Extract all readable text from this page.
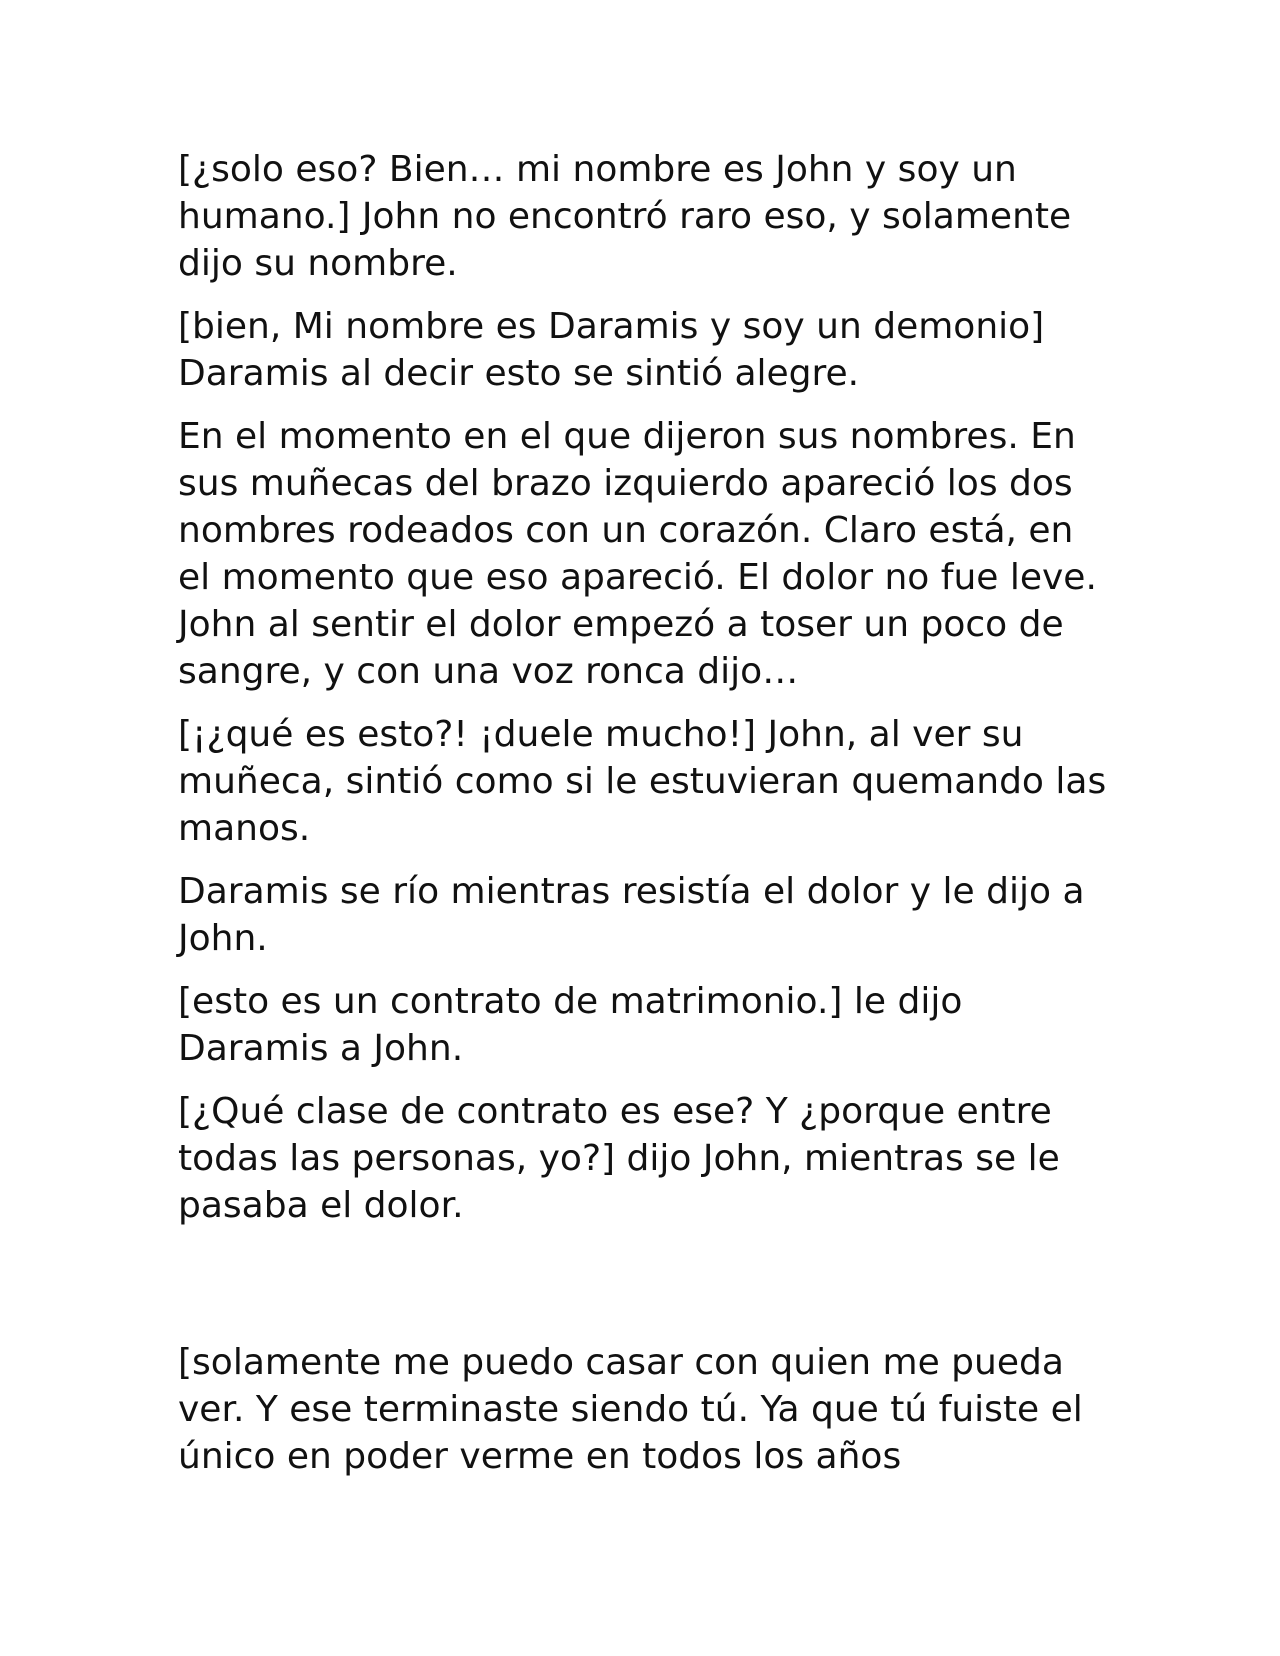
[¿solo eso? Bien… mi nombre es John y soy un humano.] John no encontró raro eso, y solamente dijo su nombre.

[bien, Mi nombre es Daramis y soy un demonio] Daramis al decir esto se sintió alegre.

En el momento en el que dijeron sus nombres. En sus muñecas del brazo izquierdo apareció los dos nombres rodeados con un corazón. Claro está, en el momento que eso apareció. El dolor no fue leve. John al sentir el dolor empezó a toser un poco de sangre, y con una voz ronca dijo…

[¡¿qué es esto?! ¡duele mucho!] John, al ver su muñeca, sintió como si le estuvieran quemando las manos.

Daramis se río mientras resistía el dolor y le dijo a John.

[esto es un contrato de matrimonio.] le dijo Daramis a John.

[¿Qué clase de contrato es ese? Y ¿porque entre todas las personas, yo?] dijo John, mientras se le pasaba el dolor.

[solamente me puedo casar con quien me pueda ver. Y ese terminaste siendo tú. Ya que tú fuiste el único en poder verme en todos los años
